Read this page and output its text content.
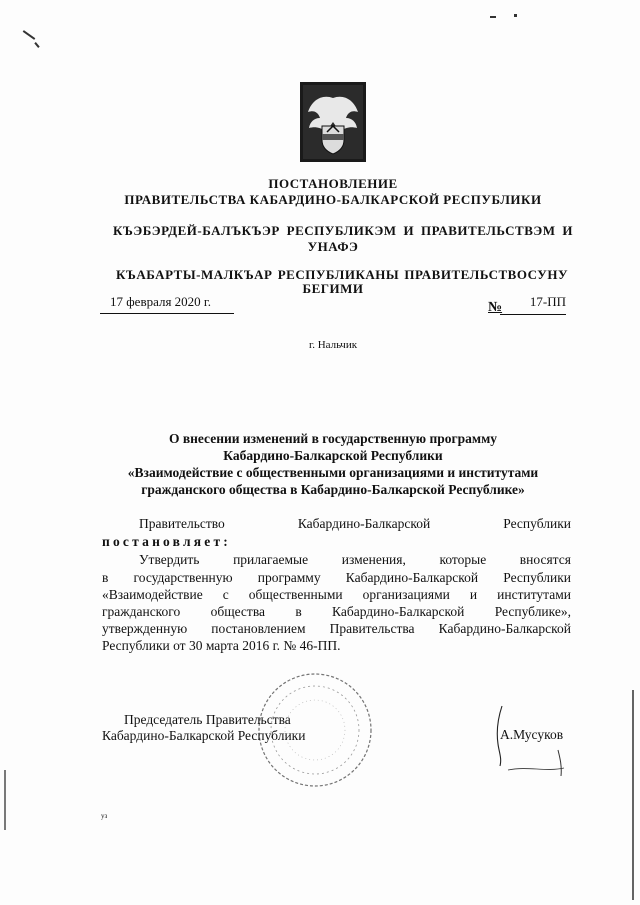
ПОСТАНОВЛЕНИЕ
ПРАВИТЕЛЬСТВА КАБАРДИНО-БАЛКАРСКОЙ РЕСПУБЛИКИ
КЪЭБЭРДЕЙ-БАЛЪКЪЭР РЕСПУБЛИКЭМ И ПРАВИТЕЛЬСТВЭМ И
УНАФЭ
КЪАБАРТЫ-МАЛКЪАР РЕСПУБЛИКАНЫ ПРАВИТЕЛЬСТВОСУНУ
БЕГИМИ
17 февраля 2020 г.	№	17-ПП
г. Нальчик
О внесении изменений в государственную программу
Кабардино-Балкарской Республики
«Взаимодействие с общественными организациями и институтами
гражданского общества в Кабардино-Балкарской Республике»
Правительство	Кабардино-Балкарской	Республики
постановляет:
Утвердить прилагаемые изменения, которые вносятся
в государственную программу Кабардино-Балкарской Республики
«Взаимодействие с общественными организациями и институтами
гражданского общества в Кабардино-Балкарской Республике»,
утвержденную постановлением Правительства Кабардино-Балкарской
Республики от 30 марта 2016 г. № 46-ПП.
Председатель Правительства
Кабардино-Балкарской Республики	А.Мусуков
уз
